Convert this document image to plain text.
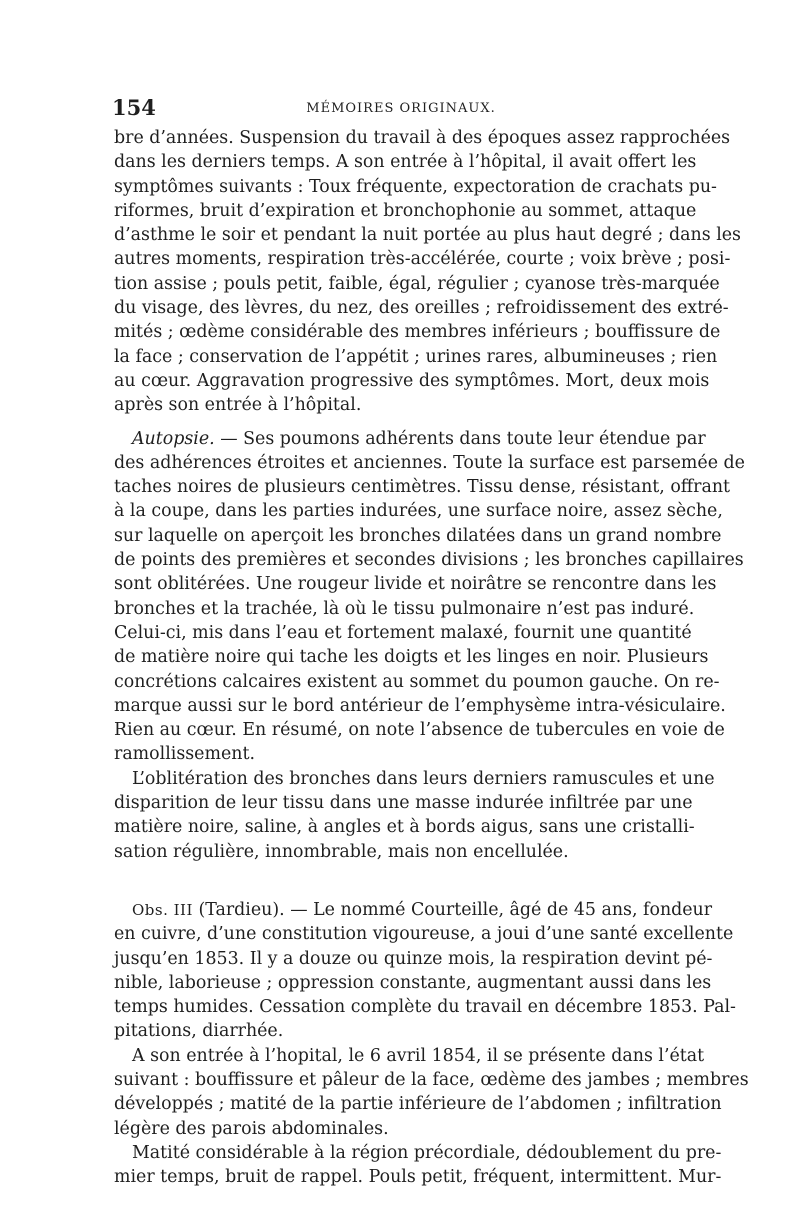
154	MÉMOIRES ORIGINAUX.
bre d’années. Suspension du travail à des époques assez rapprochées
dans les derniers temps. A son entrée à l’hôpital, il avait offert les
symptômes suivants : Toux fréquente, expectoration de crachats pu-
riformes, bruit d’expiration et bronchophonie au sommet, attaque
d’asthme le soir et pendant la nuit portée au plus haut degré ; dans les
autres moments, respiration très-accélérée, courte ; voix brève ; posi-
tion assise ; pouls petit, faible, égal, régulier ; cyanose très-marquée
du visage, des lèvres, du nez, des oreilles ; refroidissement des extré-
mités ; œdème considérable des membres inférieurs ; bouffissure de
la face ; conservation de l’appétit ; urines rares, albumineuses ; rien
au cœur. Aggravation progressive des symptômes. Mort, deux mois
après son entrée à l’hôpital.
Autopsie. — Ses poumons adhérents dans toute leur étendue par
des adhérences étroites et anciennes. Toute la surface est parsemée de
taches noires de plusieurs centimètres. Tissu dense, résistant, offrant
à la coupe, dans les parties indurées, une surface noire, assez sèche,
sur laquelle on aperçoit les bronches dilatées dans un grand nombre
de points des premières et secondes divisions ; les bronches capillaires
sont oblitérées. Une rougeur livide et noirâtre se rencontre dans les
bronches et la trachée, là où le tissu pulmonaire n’est pas induré.
Celui-ci, mis dans l’eau et fortement malaxé, fournit une quantité
de matière noire qui tache les doigts et les linges en noir. Plusieurs
concrétions calcaires existent au sommet du poumon gauche. On re-
marque aussi sur le bord antérieur de l’emphysème intra-vésiculaire.
Rien au cœur. En résumé, on note l’absence de tubercules en voie de
ramollissement.
L’oblitération des bronches dans leurs derniers ramuscules et une
disparition de leur tissu dans une masse indurée infiltrée par une
matière noire, saline, à angles et à bords aigus, sans une cristalli-
sation régulière, innombrable, mais non encellulée.
Obs. III (Tardieu). — Le nommé Courteille, âgé de 45 ans, fondeur
en cuivre, d’une constitution vigoureuse, a joui d’une santé excellente
jusqu’en 1853. Il y a douze ou quinze mois, la respiration devint pé-
nible, laborieuse ; oppression constante, augmentant aussi dans les
temps humides. Cessation complète du travail en décembre 1853. Pal-
pitations, diarrhée.
A son entrée à l’hopital, le 6 avril 1854, il se présente dans l’état
suivant : bouffissure et pâleur de la face, œdème des jambes ; membres
développés ; matité de la partie inférieure de l’abdomen ; infiltration
légère des parois abdominales.
Matité considérable à la région précordiale, dédoublement du pre-
mier temps, bruit de rappel. Pouls petit, fréquent, intermittent. Mur-
